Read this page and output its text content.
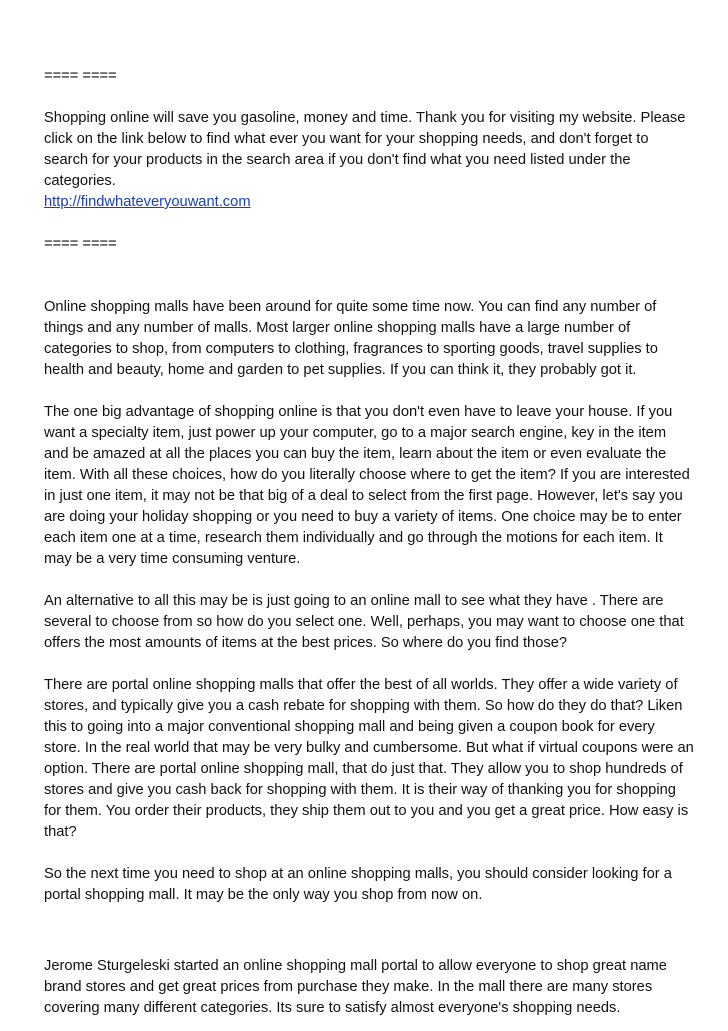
==== ====

Shopping online will save you gasoline, money and time. Thank you for visiting my website. Please click on the link below to find what ever you want for your shopping needs, and don't forget to search for your products in the search area if you don't find what you need listed under the categories.

http://findwhateveryouwant.com

==== ====

Online shopping malls have been around for quite some time now. You can find any number of things and any number of malls. Most larger online shopping malls have a large number of categories to shop, from computers to clothing, fragrances to sporting goods, travel supplies to health and beauty, home and garden to pet supplies. If you can think it, they probably got it.

The one big advantage of shopping online is that you don't even have to leave your house. If you want a specialty item, just power up your computer, go to a major search engine, key in the item and be amazed at all the places you can buy the item, learn about the item or even evaluate the item. With all these choices, how do you literally choose where to get the item? If you are interested in just one item, it may not be that big of a deal to select from the first page. However, let's say you are doing your holiday shopping or you need to buy a variety of items. One choice may be to enter each item one at a time, research them individually and go through the motions for each item. It may be a very time consuming venture.

An alternative to all this may be is just going to an online mall to see what they have . There are several to choose from so how do you select one. Well, perhaps, you may want to choose one that offers the most amounts of items at the best prices. So where do you find those?

There are portal online shopping malls that offer the best of all worlds. They offer a wide variety of stores, and typically give you a cash rebate for shopping with them. So how do they do that? Liken this to going into a major conventional shopping mall and being given a coupon book for every store. In the real world that may be very bulky and cumbersome. But what if virtual coupons were an option. There are portal online shopping mall, that do just that. They allow you to shop hundreds of stores and give you cash back for shopping with them. It is their way of thanking you for shopping for them. You order their products, they ship them out to you and you get a great price. How easy is that?

So the next time you need to shop at an online shopping malls, you should consider looking for a portal shopping mall. It may be the only way you shop from now on.

Jerome Sturgeleski started an online shopping mall portal to allow everyone to shop great name brand stores and get great prices from purchase they make. In the mall there are many stores covering many different categories. Its sure to satisfy almost everyone's shopping needs.
